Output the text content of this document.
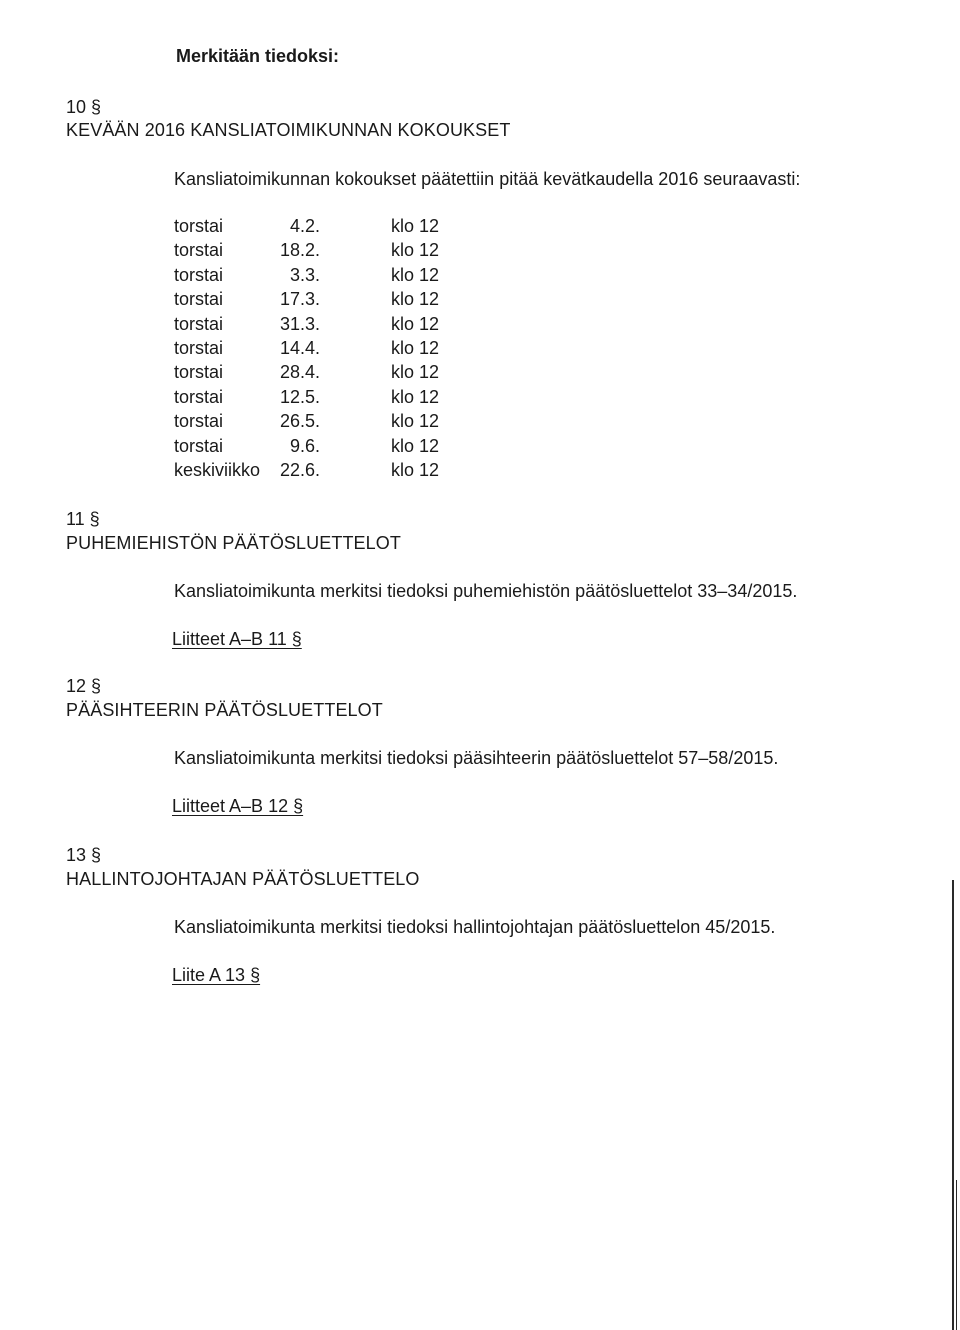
Merkitään tiedoksi:
10 §
KEVÄÄN 2016 KANSLIATOIMIKUNNAN KOKOUKSET
Kansliatoimikunnan kokoukset päätettiin pitää kevätkaudella 2016 seuraavasti:
torstai	4.2.	klo 12
torstai	18.2.	klo 12
torstai	3.3.	klo 12
torstai	17.3.	klo 12
torstai	31.3.	klo 12
torstai	14.4.	klo 12
torstai	28.4.	klo 12
torstai	12.5.	klo 12
torstai	26.5.	klo 12
torstai	9.6.	klo 12
keskiviikko	22.6.	klo 12
11 §
PUHEMIEHISTÖN PÄÄTÖSLUETTELOT
Kansliatoimikunta merkitsi tiedoksi puhemiehistön päätösluettelot 33–34/2015.
Liitteet A–B 11 §
12 §
PÄÄSIHTEERIN PÄÄTÖSLUETTELOT
Kansliatoimikunta merkitsi tiedoksi pääsihteerin päätösluettelot 57–58/2015.
Liitteet A–B 12 §
13 §
HALLINTOJOHTAJAN PÄÄTÖSLUETTELO
Kansliatoimikunta merkitsi tiedoksi hallintojohtajan päätösluettelon 45/2015.
Liite A 13 §
